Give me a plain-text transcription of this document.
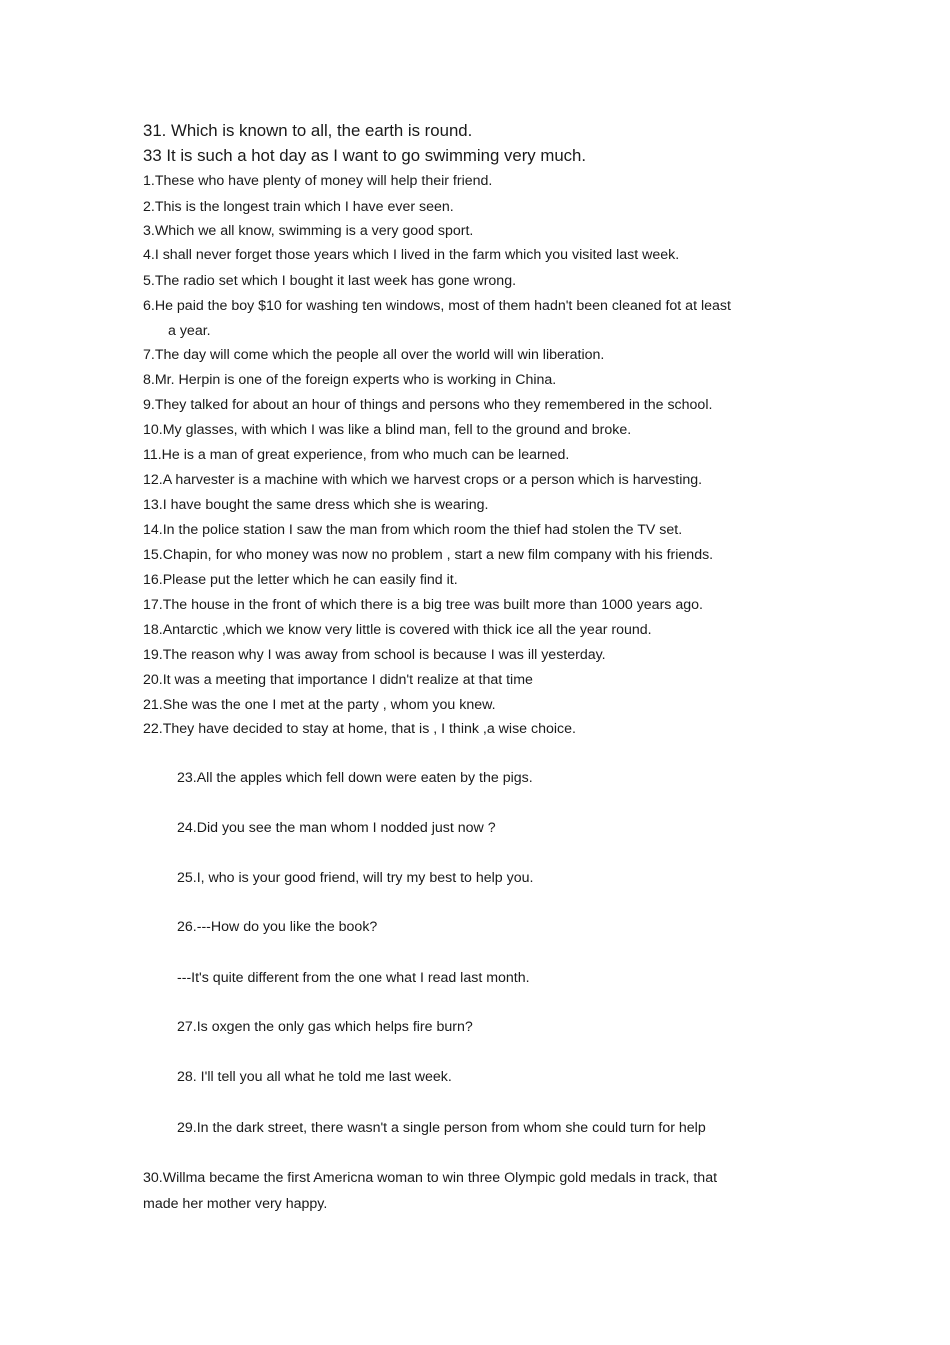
31. Which is known to all, the earth is round.
33 It is such a hot day as I want to go swimming very much.
1.These who have plenty of money will help their friend.
2.This is the longest train which I have ever seen.
3.Which we all know, swimming is a very good sport.
4.I shall never forget those years which I lived in the farm which you visited last week.
5.The radio set which I bought it last week has gone wrong.
6.He paid the boy $10 for washing ten windows, most of them hadn't been cleaned fot at least
a year.
7.The day will come which the people all over the world will win liberation.
8.Mr. Herpin is one of the foreign experts who is working in China.
9.They talked for about an hour of things and persons who they remembered in the school.
10.My glasses, with which I was like a blind man, fell to the ground and broke.
11.He is a man of great experience, from who much can be learned.
12.A harvester is a machine with which we harvest crops or a person which is harvesting.
13.I have bought the same dress which she is wearing.
14.In the police station I saw the man from which room the thief had stolen the TV set.
15.Chapin, for who money was now no problem , start a new film company with his friends.
16.Please put the letter which he can easily find it.
17.The house in the front of which there is a big tree was built more than 1000 years ago.
18.Antarctic ,which we know very little is covered with thick ice all the year round.
19.The reason why I was away from school is because I was ill yesterday.
20.It was a meeting that importance I didn't realize at that time
21.She was the one I met at the party , whom you knew.
22.They have decided to stay at home, that is , I think ,a wise choice.
23.All the apples which fell down were eaten by the pigs.
24.Did you see the man whom I nodded just now ?
25.I, who is your good friend, will try my best to help you.
26.---How do you like the book?
---It's quite different from the one what I read last month.
27.Is oxgen the only gas which helps fire burn?
28. I'll tell you all what he told me last week.
29.In the dark street, there wasn't a single person from whom she could turn for help
30.Willma became the first Americna woman to win three Olympic gold medals in track, that
made her mother very happy.
